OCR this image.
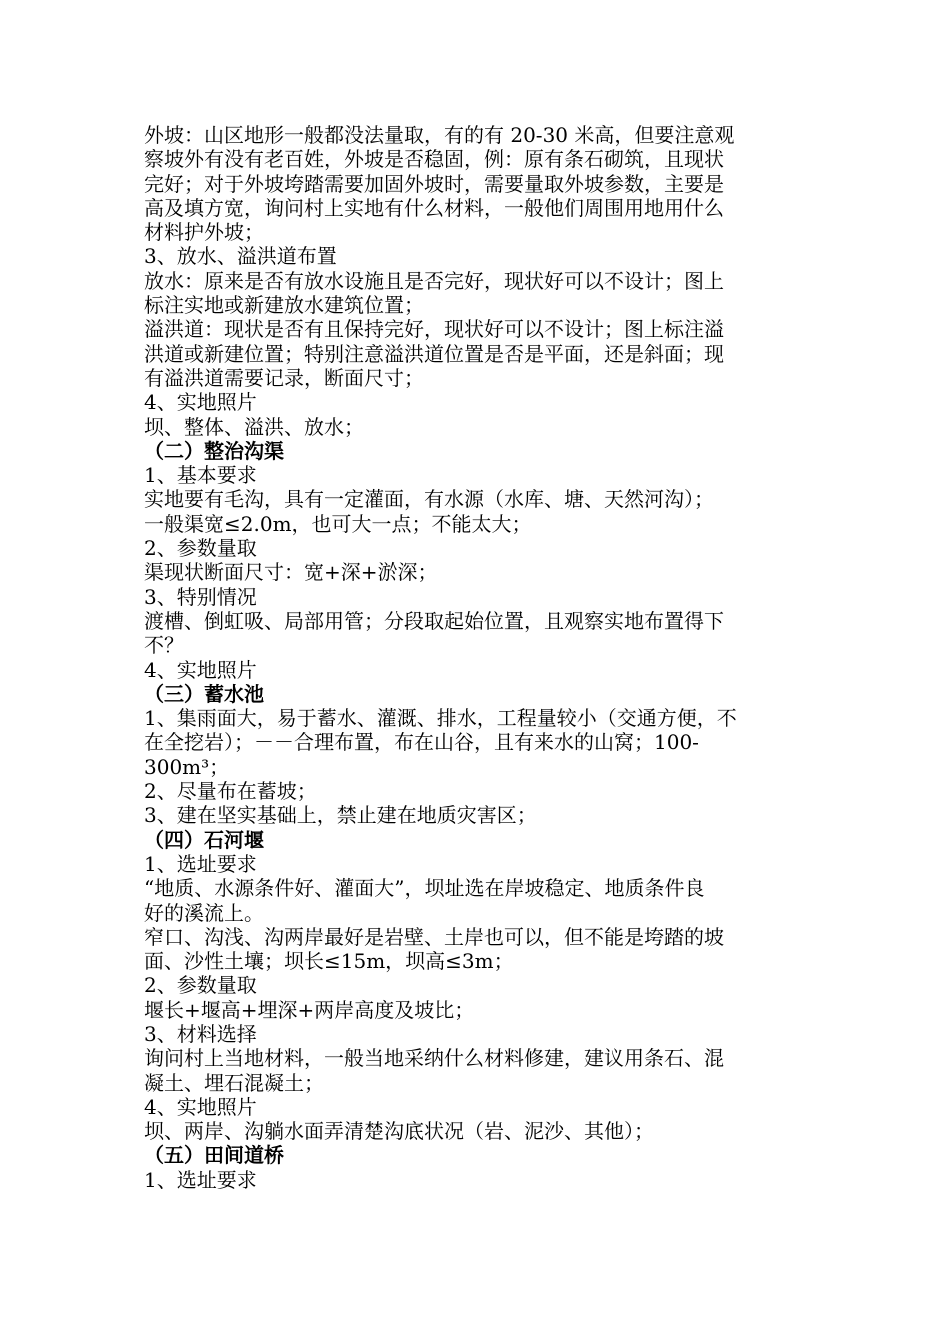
外坡：山区地形一般都没法量取，有的有 20-30 米高，但要注意观
察坡外有没有老百姓，外坡是否稳固，例：原有条石砌筑，且现状
完好；对于外坡垮踏需要加固外坡时，需要量取外坡参数，主要是
高及填方宽，询问村上实地有什么材料，一般他们周围用地用什么
材料护外坡；
3、放水、溢洪道布置
放水：原来是否有放水设施且是否完好，现状好可以不设计；图上
标注实地或新建放水建筑位置；
溢洪道：现状是否有且保持完好，现状好可以不设计；图上标注溢
洪道或新建位置；特别注意溢洪道位置是否是平面，还是斜面；现
有溢洪道需要记录，断面尺寸；
4、实地照片
坝、整体、溢洪、放水；
（二）整治沟渠
1、基本要求
实地要有毛沟，具有一定灌面，有水源（水库、塘、天然河沟）；
一般渠宽≤2.0m，也可大一点；不能太大；
2、参数量取
渠现状断面尺寸：宽+深+淤深；
3、特别情况
渡槽、倒虹吸、局部用管；分段取起始位置，且观察实地布置得下
不？
4、实地照片
（三）蓄水池
1、集雨面大，易于蓄水、灌溉、排水，工程量较小（交通方便，不
在全挖岩）；－－合理布置，布在山谷，且有来水的山窝；100-
300m³；
2、尽量布在蓄坡；
3、建在坚实基础上，禁止建在地质灾害区；
（四）石河堰
1、选址要求
“地质、水源条件好、灌面大”，坝址选在岸坡稳定、地质条件良
好的溪流上。
窄口、沟浅、沟两岸最好是岩壁、土岸也可以，但不能是垮踏的坡
面、沙性土壤；坝长≤15m，坝高≤3m；
2、参数量取
堰长+堰高+埋深+两岸高度及坡比；
3、材料选择
询问村上当地材料，一般当地采纳什么材料修建，建议用条石、混
凝土、埋石混凝土；
4、实地照片
坝、两岸、沟躺水面弄清楚沟底状况（岩、泥沙、其他）；
（五）田间道桥
1、选址要求
